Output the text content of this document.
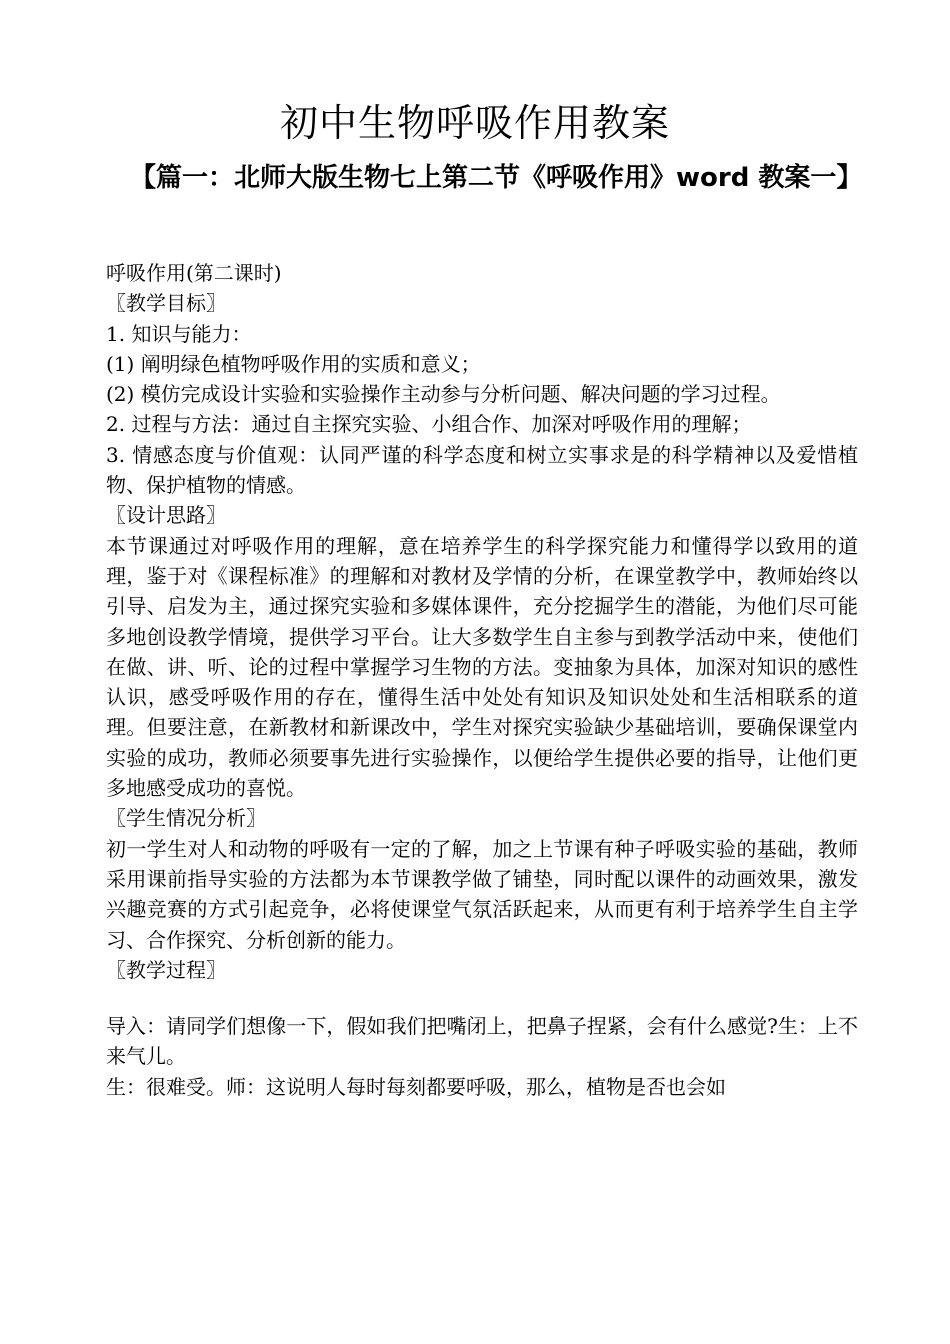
初中生物呼吸作用教案
【篇一：北师大版生物七上第二节《呼吸作用》word 教案一】

呼吸作用(第二课时)

〖教学目标〗

1. 知识与能力：

(1) 阐明绿色植物呼吸作用的实质和意义；

(2) 模仿完成设计实验和实验操作主动参与分析问题、解决问题的学习过程。

2. 过程与方法：通过自主探究实验、小组合作、加深对呼吸作用的理解；

3. 情感态度与价值观：认同严谨的科学态度和树立实事求是的科学精神以及爱惜植物、保护植物的情感。

〖设计思路〗

本节课通过对呼吸作用的理解，意在培养学生的科学探究能力和懂得学以致用的道理，鉴于对《课程标准》的理解和对教材及学情的分析，在课堂教学中，教师始终以引导、启发为主，通过探究实验和多媒体课件，充分挖掘学生的潜能，为他们尽可能多地创设教学情境，提供学习平台。让大多数学生自主参与到教学活动中来，使他们在做、讲、听、论的过程中掌握学习生物的方法。变抽象为具体，加深对知识的感性认识，感受呼吸作用的存在，懂得生活中处处有知识及知识处处和生活相联系的道理。但要注意，在新教材和新课改中，学生对探究实验缺少基础培训，要确保课堂内实验的成功，教师必须要事先进行实验操作，以便给学生提供必要的指导，让他们更多地感受成功的喜悦。

〖学生情况分析〗

初一学生对人和动物的呼吸有一定的了解，加之上节课有种子呼吸实验的基础，教师采用课前指导实验的方法都为本节课教学做了铺垫，同时配以课件的动画效果，激发兴趣竞赛的方式引起竞争，必将使课堂气氛活跃起来，从而更有利于培养学生自主学习、合作探究、分析创新的能力。

〖教学过程〗

导入：请同学们想像一下，假如我们把嘴闭上，把鼻子捏紧，会有什么感觉?生：上不来气儿。

生：很难受。师：这说明人每时每刻都要呼吸，那么，植物是否也会如
